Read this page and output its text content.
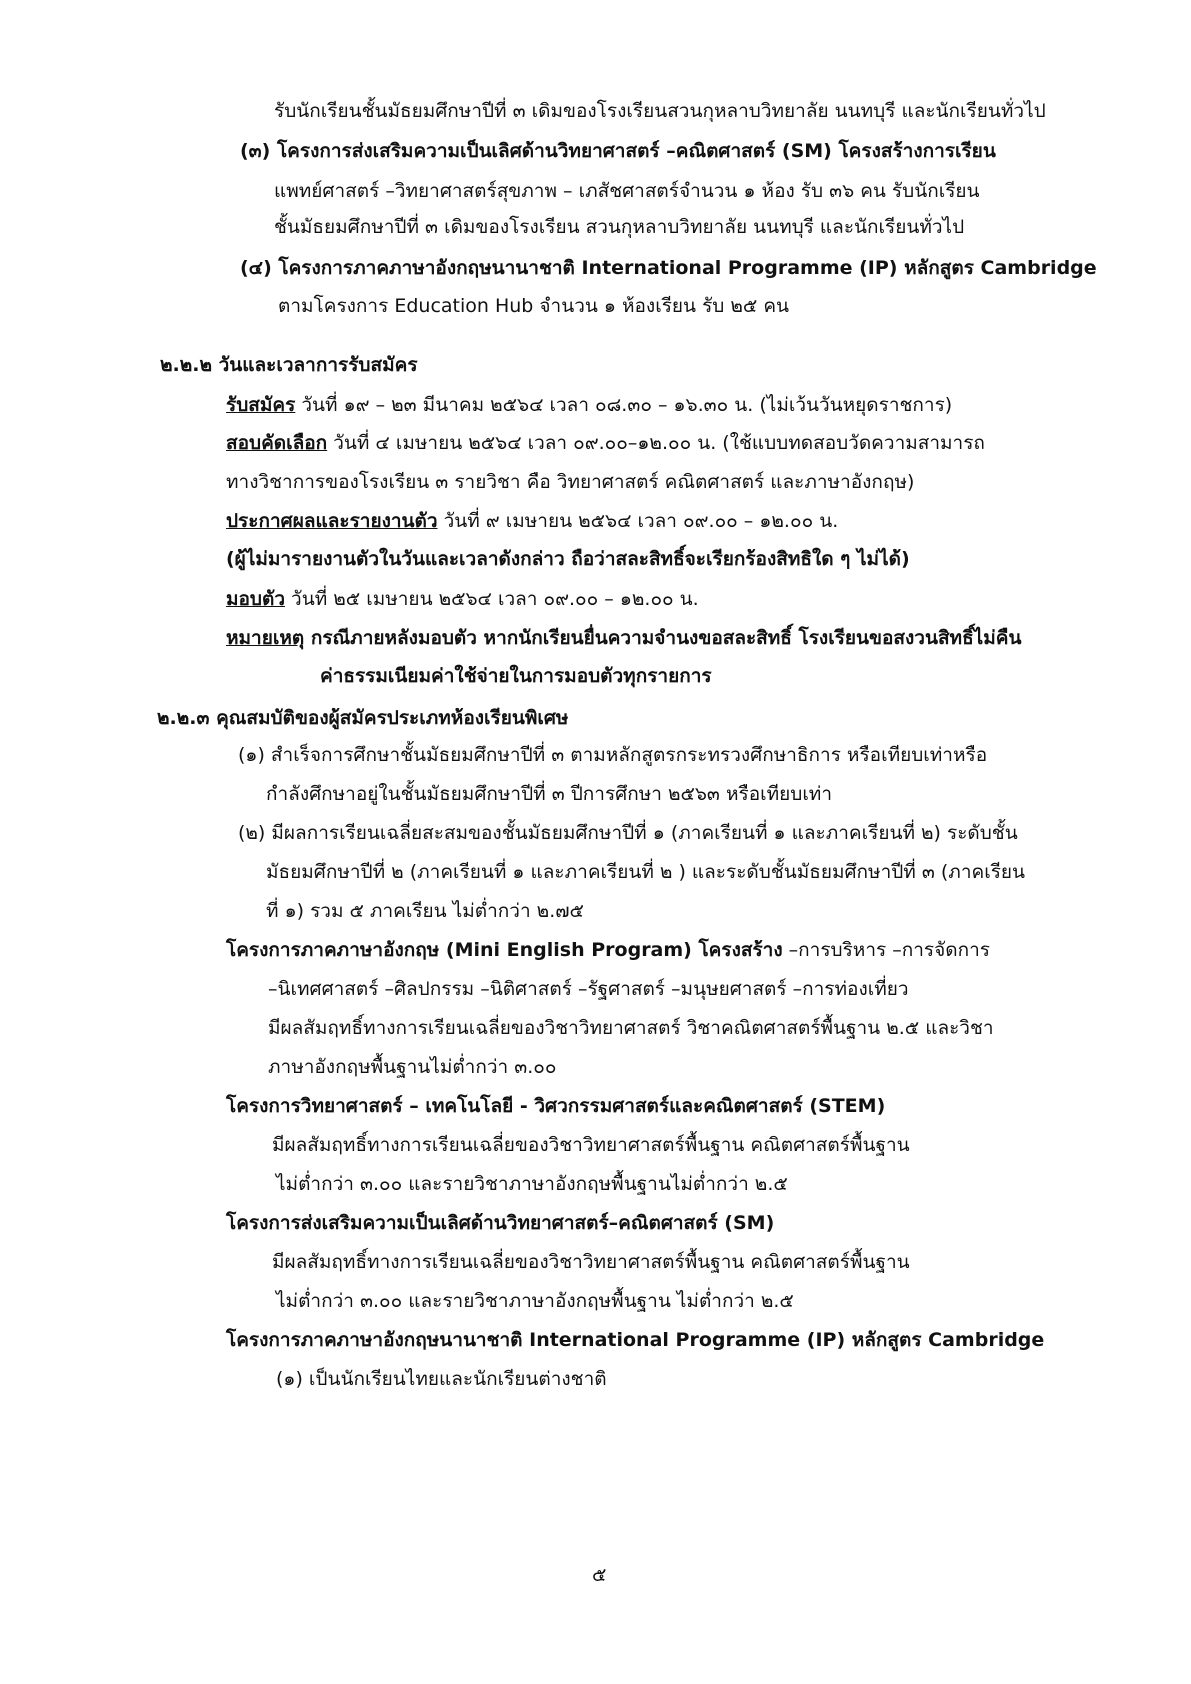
รับนักเรียนชั้นมัธยมศึกษาปีที่ ๓ เดิมของโรงเรียนสวนกุหลาบวิทยาลัย นนทบุรี และนักเรียนทั่วไป
(๓) โครงการส่งเสริมความเป็นเลิศด้านวิทยาศาสตร์ –คณิตศาสตร์ (SM) โครงสร้างการเรียน
แพทย์ศาสตร์ –วิทยาศาสตร์สุขภาพ – เภสัชศาสตร์จำนวน ๑ ห้อง รับ ๓๖ คน รับนักเรียน
ชั้นมัธยมศึกษาปีที่ ๓ เดิมของโรงเรียน สวนกุหลาบวิทยาลัย นนทบุรี และนักเรียนทั่วไป
(๔) โครงการภาคภาษาอังกฤษนานาชาติ International Programme (IP) หลักสูตร Cambridge
ตามโครงการ Education Hub จำนวน ๑ ห้องเรียน รับ ๒๕ คน
๒.๒.๒ วันและเวลาการรับสมัคร
รับสมัคร วันที่ ๑๙ – ๒๓ มีนาคม ๒๕๖๔ เวลา ๐๘.๓๐ – ๑๖.๓๐ น. (ไม่เว้นวันหยุดราชการ)
สอบคัดเลือก วันที่ ๔ เมษายน ๒๕๖๔ เวลา ๐๙.๐๐–๑๒.๐๐ น. (ใช้แบบทดสอบวัดความสามารถ
ทางวิชาการของโรงเรียน ๓ รายวิชา คือ วิทยาศาสตร์ คณิตศาสตร์ และภาษาอังกฤษ)
ประกาศผลและรายงานตัว วันที่ ๙ เมษายน ๒๕๖๔ เวลา ๐๙.๐๐ – ๑๒.๐๐ น.
(ผู้ไม่มารายงานตัวในวันและเวลาดังกล่าว ถือว่าสละสิทธิ์จะเรียกร้องสิทธิใด ๆ ไม่ได้)
มอบตัว วันที่ ๒๕ เมษายน ๒๕๖๔ เวลา ๐๙.๐๐ – ๑๒.๐๐ น.
หมายเหตุ กรณีภายหลังมอบตัว หากนักเรียนยื่นความจำนงขอสละสิทธิ์ โรงเรียนขอสงวนสิทธิ์ไม่คืน
ค่าธรรมเนียมค่าใช้จ่ายในการมอบตัวทุกรายการ
๒.๒.๓ คุณสมบัติของผู้สมัครประเภทห้องเรียนพิเศษ
(๑) สำเร็จการศึกษาชั้นมัธยมศึกษาปีที่ ๓ ตามหลักสูตรกระทรวงศึกษาธิการ หรือเทียบเท่าหรือ
กำลังศึกษาอยู่ในชั้นมัธยมศึกษาปีที่ ๓ ปีการศึกษา ๒๕๖๓ หรือเทียบเท่า
(๒) มีผลการเรียนเฉลี่ยสะสมของชั้นมัธยมศึกษาปีที่ ๑ (ภาคเรียนที่ ๑ และภาคเรียนที่ ๒) ระดับชั้น
มัธยมศึกษาปีที่ ๒ (ภาคเรียนที่ ๑ และภาคเรียนที่ ๒ ) และระดับชั้นมัธยมศึกษาปีที่ ๓ (ภาคเรียน
ที่ ๑) รวม ๕ ภาคเรียน ไม่ต่ำกว่า ๒.๗๕
โครงการภาคภาษาอังกฤษ (Mini English Program) โครงสร้าง –การบริหาร –การจัดการ
–นิเทศศาสตร์ –ศิลปกรรม –นิติศาสตร์ –รัฐศาสตร์ –มนุษยศาสตร์ –การท่องเที่ยว
มีผลสัมฤทธิ์ทางการเรียนเฉลี่ยของวิชาวิทยาศาสตร์ วิชาคณิตศาสตร์พื้นฐาน ๒.๕ และวิชา
ภาษาอังกฤษพื้นฐานไม่ต่ำกว่า ๓.๐๐
โครงการวิทยาศาสตร์ – เทคโนโลยี - วิศวกรรมศาสตร์และคณิตศาสตร์ (STEM)
มีผลสัมฤทธิ์ทางการเรียนเฉลี่ยของวิชาวิทยาศาสตร์พื้นฐาน คณิตศาสตร์พื้นฐาน
ไม่ต่ำกว่า ๓.๐๐ และรายวิชาภาษาอังกฤษพื้นฐานไม่ต่ำกว่า ๒.๕
โครงการส่งเสริมความเป็นเลิศด้านวิทยาศาสตร์–คณิตศาสตร์ (SM)
มีผลสัมฤทธิ์ทางการเรียนเฉลี่ยของวิชาวิทยาศาสตร์พื้นฐาน คณิตศาสตร์พื้นฐาน
ไม่ต่ำกว่า ๓.๐๐ และรายวิชาภาษาอังกฤษพื้นฐาน ไม่ต่ำกว่า ๒.๕
โครงการภาคภาษาอังกฤษนานาชาติ International Programme (IP) หลักสูตร Cambridge
(๑) เป็นนักเรียนไทยและนักเรียนต่างชาติ
๕
